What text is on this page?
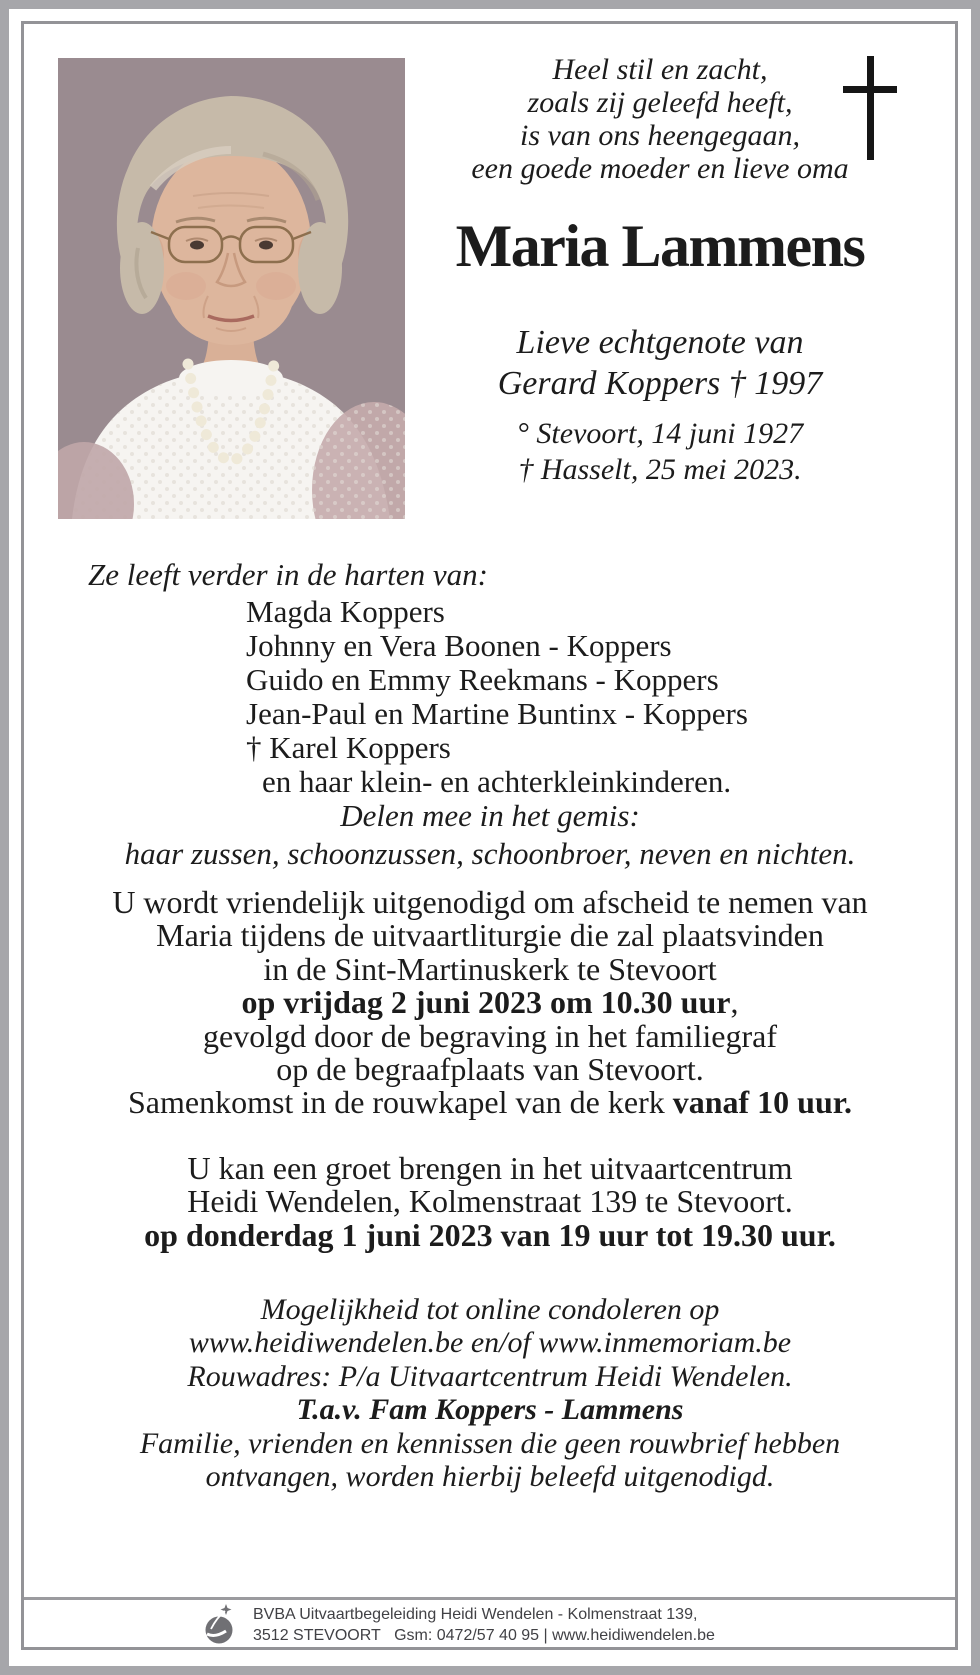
Heel stil en zacht,
zoals zij geleefd heeft,
is van ons heengegaan,
een goede moeder en lieve oma
Maria Lammens
Lieve echtgenote van
Gerard Koppers † 1997
° Stevoort, 14 juni 1927
† Hasselt, 25 mei 2023.
Ze leeft verder in de harten van:
Magda Koppers
Johnny en Vera Boonen - Koppers
Guido en Emmy Reekmans - Koppers
Jean-Paul en Martine Buntinx - Koppers
† Karel Koppers
en haar klein- en achterkleinkinderen.
Delen mee in het gemis:
haar zussen, schoonzussen, schoonbroer, neven en nichten.
U wordt vriendelijk uitgenodigd om afscheid te nemen van
Maria tijdens de uitvaartliturgie die zal plaatsvinden
in de Sint-Martinuskerk te Stevoort
op vrijdag 2 juni 2023 om 10.30 uur,
gevolgd door de begraving in het familiegraf
op de begraafplaats van Stevoort.
Samenkomst in de rouwkapel van de kerk vanaf 10 uur.
U kan een groet brengen in het uitvaartcentrum
Heidi Wendelen, Kolmenstraat 139 te Stevoort.
op donderdag 1 juni 2023 van 19 uur tot 19.30 uur.
Mogelijkheid tot online condoleren op
www.heidiwendelen.be en/of www.inmemoriam.be
Rouwadres: P/a Uitvaartcentrum Heidi Wendelen.
T.a.v. Fam Koppers - Lammens
Familie, vrienden en kennissen die geen rouwbrief hebben
ontvangen, worden hierbij beleefd uitgenodigd.
BVBA Uitvaartbegeleiding Heidi Wendelen - Kolmenstraat 139,
3512 STEVOORT   Gsm: 0472/57 40 95 | www.heidiwendelen.be
